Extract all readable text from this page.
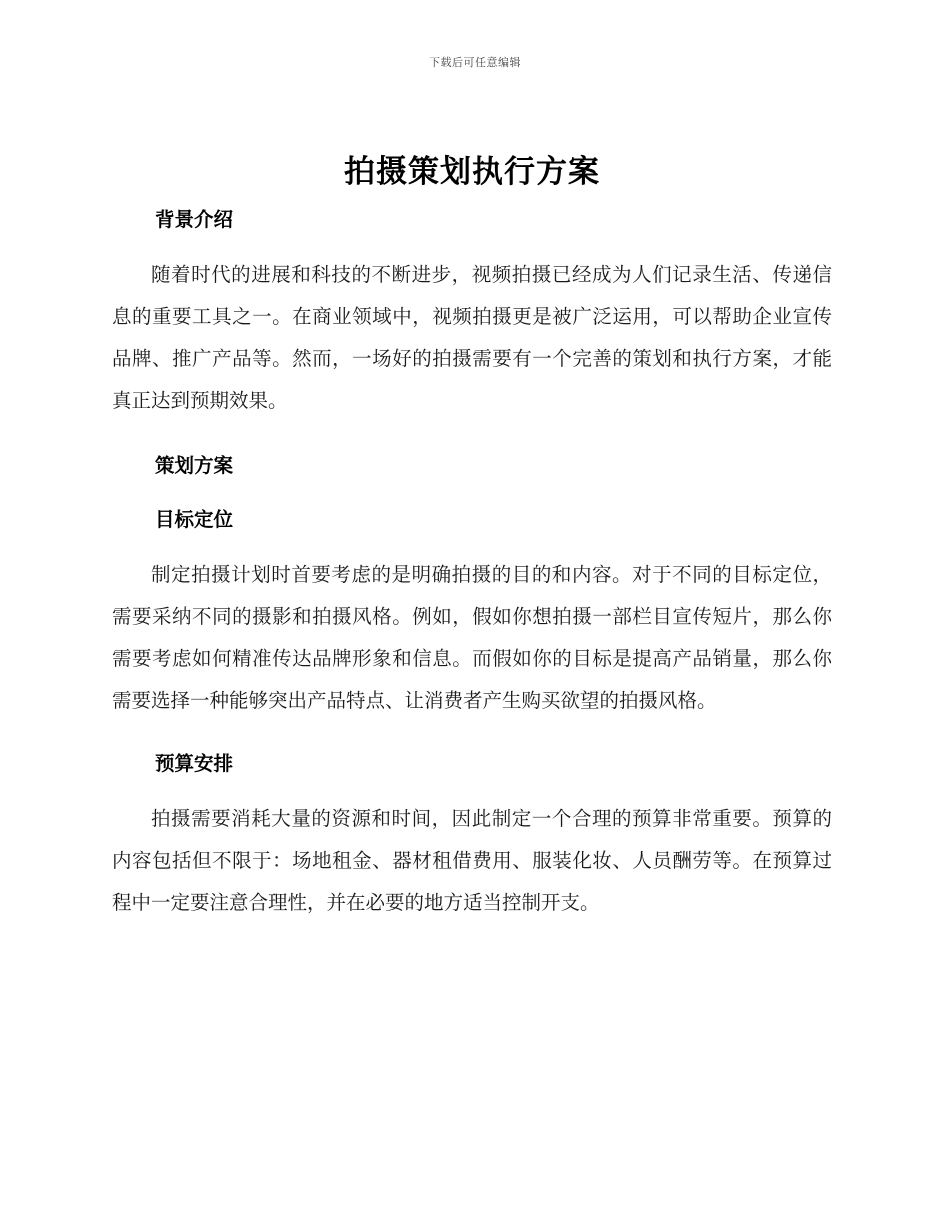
下载后可任意编辑
拍摄策划执行方案
背景介绍

随着时代的进展和科技的不断进步，视频拍摄已经成为人们记录生活、传递信息的重要工具之一。在商业领域中，视频拍摄更是被广泛运用，可以帮助企业宣传品牌、推广产品等。然而，一场好的拍摄需要有一个完善的策划和执行方案，才能真正达到预期效果。

策划方案
目标定位

制定拍摄计划时首要考虑的是明确拍摄的目的和内容。对于不同的目标定位，需要采纳不同的摄影和拍摄风格。例如，假如你想拍摄一部栏目宣传短片，那么你需要考虑如何精准传达品牌形象和信息。而假如你的目标是提高产品销量，那么你需要选择一种能够突出产品特点、让消费者产生购买欲望的拍摄风格。

预算安排

拍摄需要消耗大量的资源和时间，因此制定一个合理的预算非常重要。预算的内容包括但不限于：场地租金、器材租借费用、服装化妆、人员酬劳等。在预算过程中一定要注意合理性，并在必要的地方适当控制开支。
